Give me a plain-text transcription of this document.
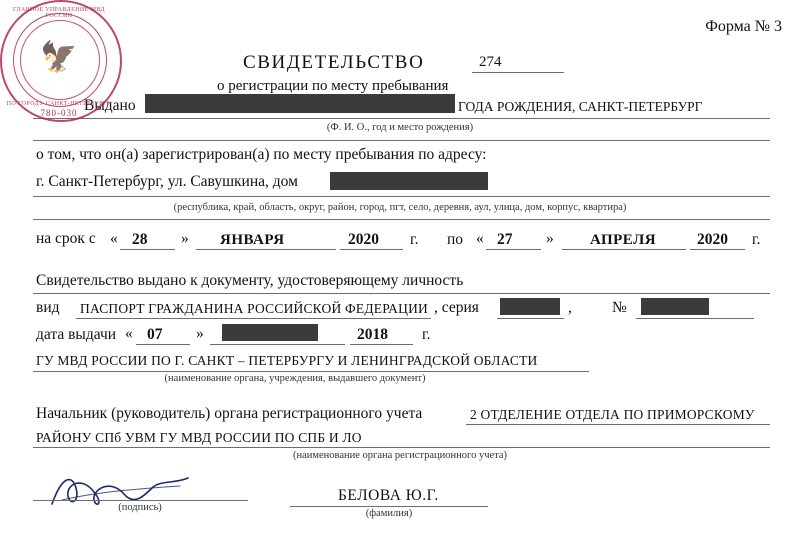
Форма № 3
СВИДЕТЕЛЬСТВО	274
о регистрации по месту пребывания
Выдано	ГОДА РОЖДЕНИЯ, САНКТ-ПЕТЕРБУРГ
(Ф. И. О., год и место рождения)
о том, что он(а) зарегистрирован(а) по месту пребывания по адресу:
г. Санкт-Петербург, ул. Савушкина, дом
(республика, край, область, округ, район, город, пгт, село, деревня, аул, улица, дом, корпус, квартира)
на срок с « 28 » ЯНВАРЯ	2020 г. по « 27 » АПРЕЛЯ	2020 г.
Свидетельство выдано к документу, удостоверяющему личность
вид ПАСПОРТ ГРАЖДАНИНА РОССИЙСКОЙ ФЕДЕРАЦИИ , серия	,	№
дата выдачи « 07 »	2018 г.
ГУ МВД РОССИИ ПО Г. САНКТ – ПЕТЕРБУРГУ И ЛЕНИНГРАДСКОЙ ОБЛАСТИ
(наименование органа, учреждения, выдавшего документ)
Начальник (руководитель) органа регистрационного учета	2 ОТДЕЛЕНИЕ ОТДЕЛА ПО ПРИМОРСКОМУ
РАЙОНУ СПб УВМ ГУ МВД РОССИИ ПО СПБ И ЛО
(наименование органа регистрационного учета)
ГЛАВНОЕ УПРАВЛЕНИЕ МВД РОССИИ
🦅
ПО ГОРОДУ САНКТ-ПЕТЕРБУРГУ
780-030
(подпись)
БЕЛОВА Ю.Г.
(фамилия)
